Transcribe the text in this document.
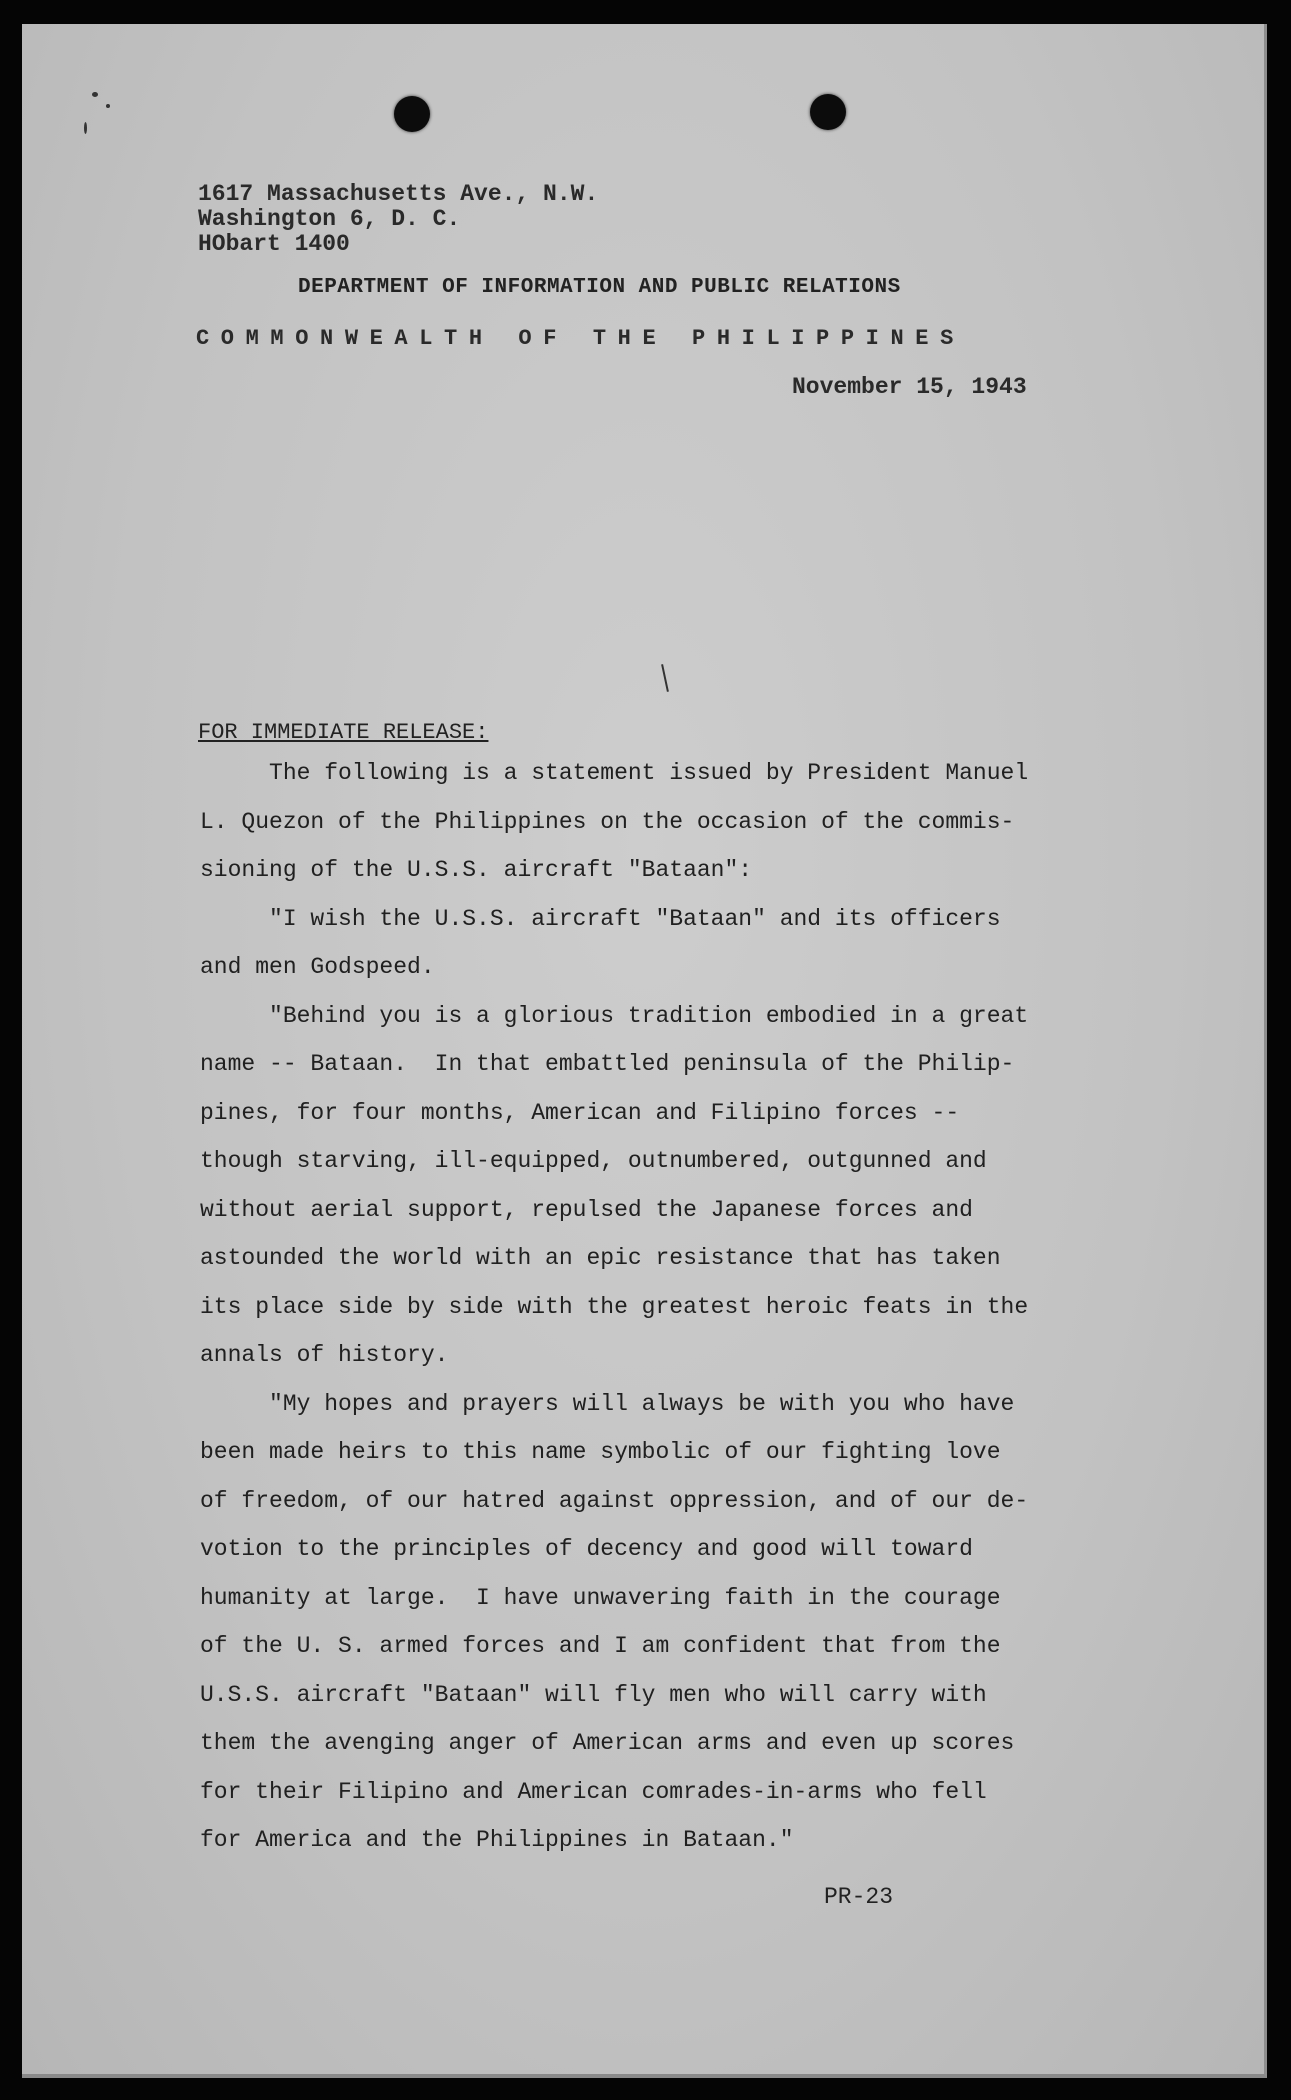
1617 Massachusetts Ave., N.W.
Washington 6, D. C.
HObart 1400
DEPARTMENT OF INFORMATION AND PUBLIC RELATIONS
COMMONWEALTH OF THE PHILIPPINES
November 15, 1943
FOR IMMEDIATE RELEASE:
The following is a statement issued by President Manuel
L. Quezon of the Philippines on the occasion of the commis-
sioning of the U.S.S. aircraft "Bataan":
"I wish the U.S.S. aircraft "Bataan" and its officers
and men Godspeed.
"Behind you is a glorious tradition embodied in a great
name -- Bataan.  In that embattled peninsula of the Philip-
pines, for four months, American and Filipino forces --
though starving, ill-equipped, outnumbered, outgunned and
without aerial support, repulsed the Japanese forces and
astounded the world with an epic resistance that has taken
its place side by side with the greatest heroic feats in the
annals of history.
"My hopes and prayers will always be with you who have
been made heirs to this name symbolic of our fighting love
of freedom, of our hatred against oppression, and of our de-
votion to the principles of decency and good will toward
humanity at large.  I have unwavering faith in the courage
of the U. S. armed forces and I am confident that from the
U.S.S. aircraft "Bataan" will fly men who will carry with
them the avenging anger of American arms and even up scores
for their Filipino and American comrades-in-arms who fell
for America and the Philippines in Bataan."
PR-23
